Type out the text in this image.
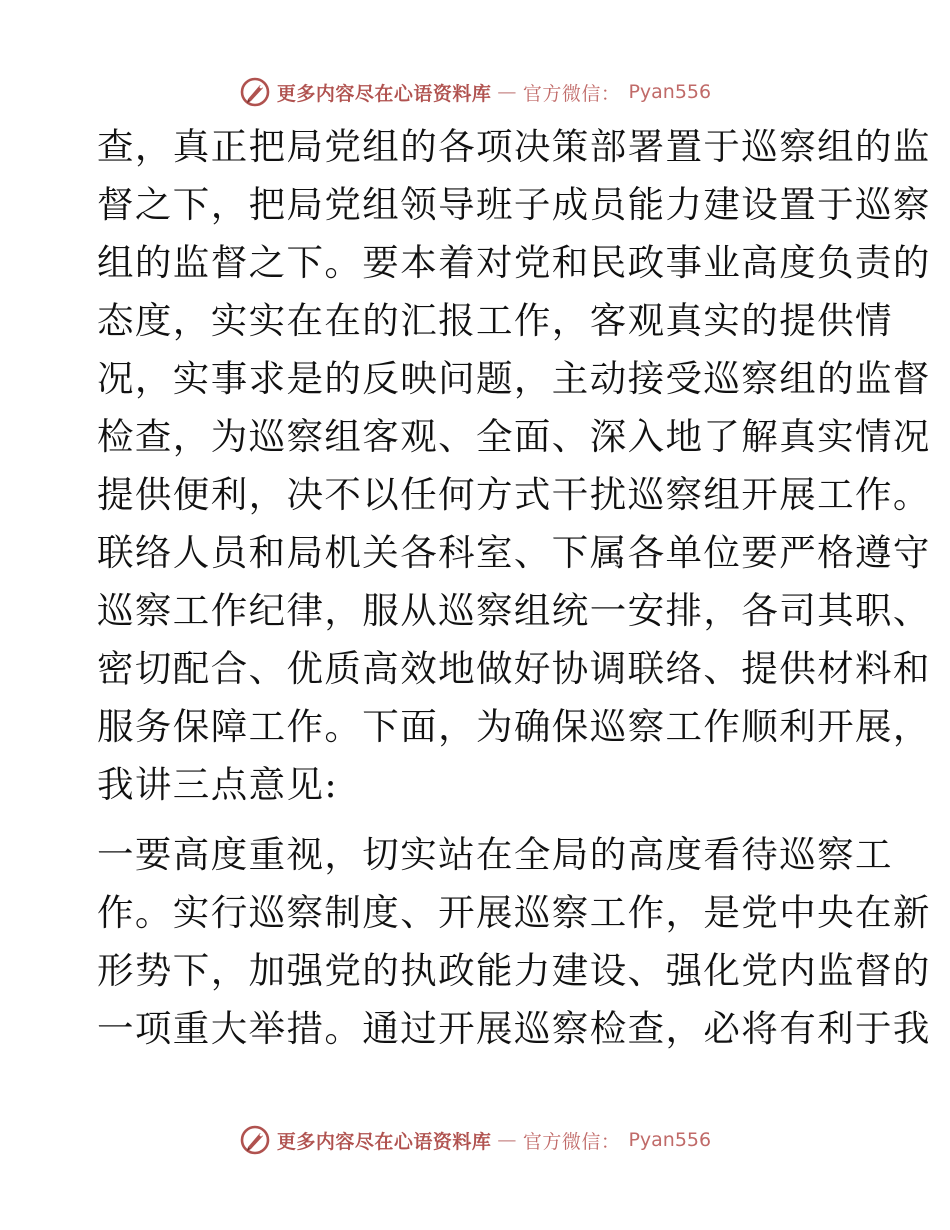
更多内容尽在心语资料库 — 官方微信： Pyan556
查，真正把局党组的各项决策部署置于巡察组的监
督之下，把局党组领导班子成员能力建设置于巡察
组的监督之下。要本着对党和民政事业高度负责的
态度，实实在在的汇报工作，客观真实的提供情
况，实事求是的反映问题，主动接受巡察组的监督
检查，为巡察组客观、全面、深入地了解真实情况
提供便利，决不以任何方式干扰巡察组开展工作。
联络人员和局机关各科室、下属各单位要严格遵守
巡察工作纪律，服从巡察组统一安排，各司其职、
密切配合、优质高效地做好协调联络、提供材料和
服务保障工作。下面，为确保巡察工作顺利开展，
我讲三点意见:
一要高度重视，切实站在全局的高度看待巡察工
作。实行巡察制度、开展巡察工作，是党中央在新
形势下，加强党的执政能力建设、强化党内监督的
一项重大举措。通过开展巡察检查，必将有利于我
更多内容尽在心语资料库 — 官方微信： Pyan556
